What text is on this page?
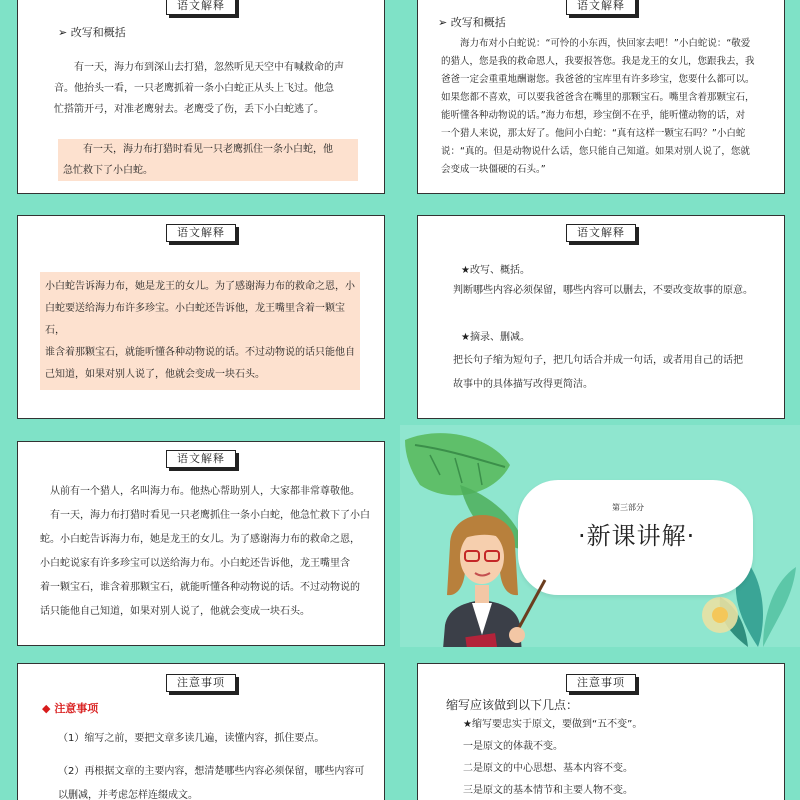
语文解释
➢ 改写和概括
有一天，海力布到深山去打猎，忽然听见天空中有喊救命的声
音。他抬头一看，一只老鹰抓着一条小白蛇正从头上飞过。他急
忙搭箭开弓，对准老鹰射去。老鹰受了伤，丢下小白蛇逃了。
有一天，海力布打猎时看见一只老鹰抓住一条小白蛇，他
急忙救下了小白蛇。
语文解释
➢ 改写和概括
海力布对小白蛇说：“可怜的小东西，快回家去吧！”小白蛇说：“敬爱
的猎人，您是我的救命恩人，我要报答您。我是龙王的女儿，您跟我去，我
爸爸一定会重重地酬谢您。我爸爸的宝库里有许多珍宝，您要什么都可以。
如果您都不喜欢，可以要我爸爸含在嘴里的那颗宝石。嘴里含着那颗宝石，
能听懂各种动物说的话。”海力布想，珍宝倒不在乎，能听懂动物的话，对
一个猎人来说，那太好了。他问小白蛇：“真有这样一颗宝石吗？”小白蛇
说：“真的。但是动物说什么话，您只能自己知道。如果对别人说了，您就
会变成一块僵硬的石头。”
语文解释
小白蛇告诉海力布，她是龙王的女儿。为了感谢海力布的救命之恩，小
白蛇要送给海力布许多珍宝。小白蛇还告诉他，龙王嘴里含着一颗宝石，
谁含着那颗宝石，就能听懂各种动物说的话。不过动物说的话只能他自
己知道，如果对别人说了，他就会变成一块石头。
语文解释
★改写、概括。
判断哪些内容必须保留，哪些内容可以删去，不要改变故事的原意。
★摘录、删减。
把长句子缩为短句子，把几句话合并成一句话，或者用自己的话把
故事中的具体描写改得更简洁。
语文解释
从前有一个猎人，名叫海力布。他热心帮助别人，大家都非常尊敬他。
有一天，海力布打猎时看见一只老鹰抓住一条小白蛇，他急忙救下了小白
蛇。小白蛇告诉海力布，她是龙王的女儿。为了感谢海力布的救命之恩，
小白蛇说家有许多珍宝可以送给海力布。小白蛇还告诉他，龙王嘴里含
着一颗宝石，谁含着那颗宝石，就能听懂各种动物说的话。不过动物说的
话只能他自己知道，如果对别人说了，他就会变成一块石头。
第三部分
·新课讲解·
注意事项
◆ 注意事项
（1）缩写之前，要把文章多读几遍，读懂内容，抓住要点。
（2）再根据文章的主要内容，想清楚哪些内容必须保留，哪些内容可
以删减，并考虑怎样连缀成文。
注意事项
缩写应该做到以下几点：
★缩写要忠实于原文，要做到“五不变”。
一是原文的体裁不变。
二是原文的中心思想、基本内容不变。
三是原文的基本情节和主要人物不变。
